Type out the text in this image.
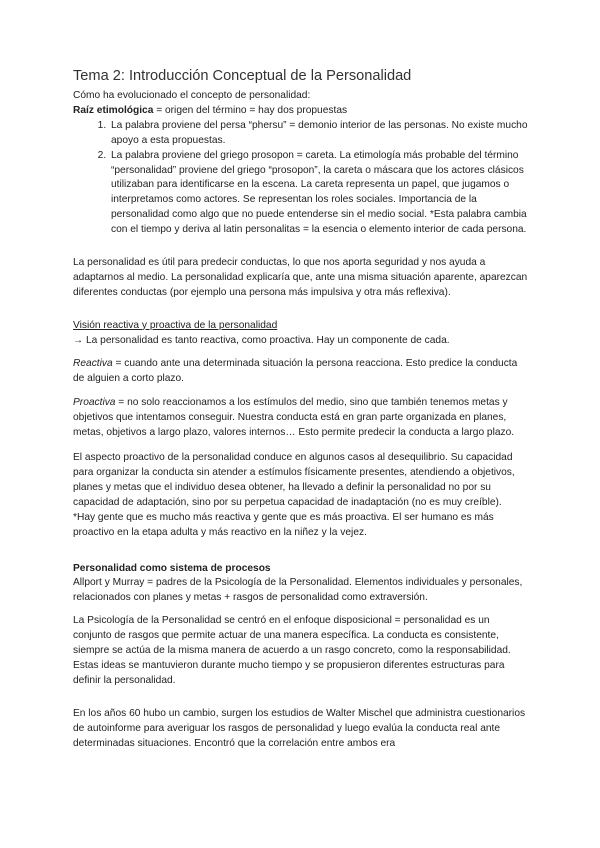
Tema 2: Introducción Conceptual de la Personalidad

Cómo ha evolucionado el concepto de personalidad:

Raíz etimológica = origen del término = hay dos propuestas

1. La palabra proviene del persa “phersu” = demonio interior de las personas. No existe mucho apoyo a esta propuestas.
2. La palabra proviene del griego prosopon = careta. La etimología más probable del término “personalidad” proviene del griego “prosopon”, la careta o máscara que los actores clásicos utilizaban para identificarse en la escena. La careta representa un papel, que jugamos o interpretamos como actores. Se representan los roles sociales. Importancia de la personalidad como algo que no puede entenderse sin el medio social. *Esta palabra cambia con el tiempo y deriva al latin personalitas = la esencia o elemento interior de cada persona.

La personalidad es útil para predecir conductas, lo que nos aporta seguridad y nos ayuda a adaptarnos al medio. La personalidad explicaría que, ante una misma situación aparente, aparezcan diferentes conductas (por ejemplo una persona más impulsiva y otra más reflexiva).

Visión reactiva y proactiva de la personalidad

→ La personalidad es tanto reactiva, como proactiva. Hay un componente de cada.

Reactiva = cuando ante una determinada situación la persona reacciona. Esto predice la conducta de alguien a corto plazo.

Proactiva = no solo reaccionamos a los estímulos del medio, sino que también tenemos metas y objetivos que intentamos conseguir. Nuestra conducta está en gran parte organizada en planes, metas, objetivos a largo plazo, valores internos… Esto permite predecir la conducta a largo plazo.

El aspecto proactivo de la personalidad conduce en algunos casos al desequilibrio. Su capacidad para organizar la conducta sin atender a estímulos físicamente presentes, atendiendo a objetivos, planes y metas que el individuo desea obtener, ha llevado a definir la personalidad no por su capacidad de adaptación, sino por su perpetua capacidad de inadaptación (no es muy creíble).

*Hay gente que es mucho más reactiva y gente que es más proactiva. El ser humano es más proactivo en la etapa adulta y más reactivo en la niñez y la vejez.

Personalidad como sistema de procesos

Allport y Murray = padres de la Psicología de la Personalidad. Elementos individuales y personales, relacionados con planes y metas + rasgos de personalidad como extraversión.

La Psicología de la Personalidad se centró en el enfoque disposicional = personalidad es un conjunto de rasgos que permite actuar de una manera específica. La conducta es consistente, siempre se actúa de la misma manera de acuerdo a un rasgo concreto, como la responsabilidad. Estas ideas se mantuvieron durante mucho tiempo y se propusieron diferentes estructuras para definir la personalidad.

En los años 60 hubo un cambio, surgen los estudios de Walter Mischel que administra cuestionarios de autoinforme para averiguar los rasgos de personalidad y luego evalúa la conducta real ante determinadas situaciones. Encontró que la correlación entre ambos era
